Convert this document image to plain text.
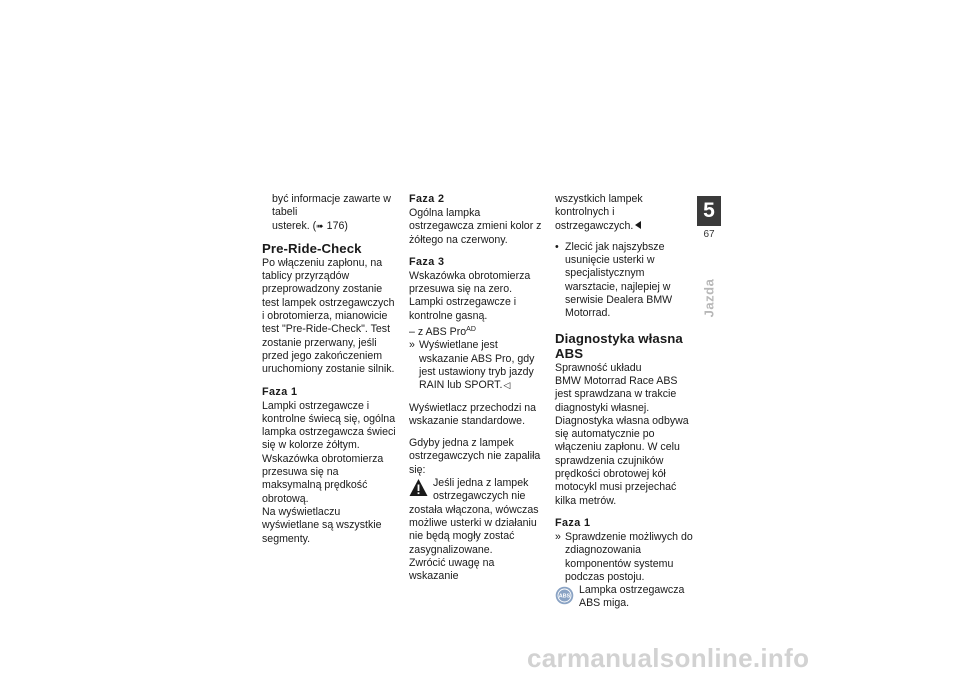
być informacje zawarte w tabeli

usterek. (➠ 176)

Pre-Ride-Check

Po włączeniu zapłonu, na tablicy przyrządów przeprowadzony zostanie test lampek ostrzegawczych i obrotomierza, mianowicie test "Pre-Ride-Check". Test zostanie przerwany, jeśli przed jego zakończeniem uruchomiony zostanie silnik.

Faza 1

Lampki ostrzegawcze i kontrolne świecą się, ogólna lampka ostrzegawcza świeci się w kolorze żółtym.

Wskazówka obrotomierza przesuwa się na maksymalną prędkość obrotową.

Na wyświetlaczu wyświetlane są wszystkie segmenty.

Faza 2

Ogólna lampka ostrzegawcza zmieni kolor z żółtego na czerwony.

Faza 3

Wskazówka obrotomierza przesuwa się na zero.

Lampki ostrzegawcze i kontrolne gasną.

– z ABS Pro$^{AD}$

» Wyświetlane jest wskazanie ABS Pro, gdy jest ustawiony tryb jazdy RAIN lub SPORT.◁

Wyświetlacz przechodzi na wskazanie standardowe.

Gdyby jedna z lampek ostrzegawczych nie zapaliła się:

Jeśli jedna z lampek ostrzegawczych nie została włączona, wówczas możliwe usterki w działaniu nie będą mogły zostać zasygnalizowane.

Zwrócić uwagę na wskazanie

wszystkich lampek kontrolnych i ostrzegawczych.

• Zlecić jak najszybsze usunięcie usterki w specjalistycznym warsztacie, najlepiej w serwisie Dealera BMW Motorrad.
Diagnostyka własna ABS

Sprawność układu

BMW Motorrad Race ABS jest sprawdzana w trakcie diagnostyki własnej. Diagnostyka własna odbywa się automatycznie po włączeniu zapłonu. W celu sprawdzenia czujników prędkości obrotowej kół motocykl musi przejechać kilka metrów.

Faza 1
» Sprawdzenie możliwych do zdiagnozowania komponentów systemu podczas postoju.
ABS

Lampka ostrzegawcza ABS miga.

5
67
Jazda
carmanualsonline.info
